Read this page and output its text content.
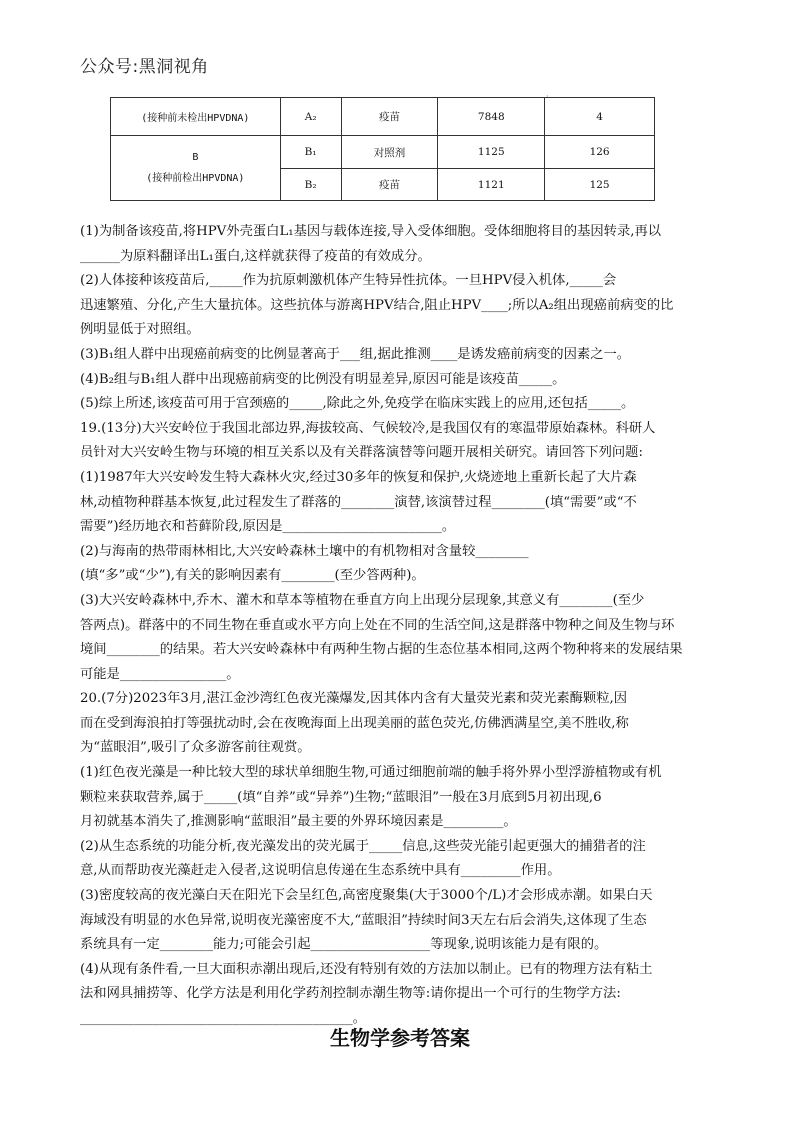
公众号:黑洞视角
·
(接种前未检出HPVDNA)	A₂	疫苗	7848	4

B
(接种前检出HPVDNA)	B₁	对照剂	1125	126
	B₂	疫苗	1121	125

(1)为制备该疫苗,将HPV外壳蛋白L₁基因与载体连接,导入受体细胞。受体细胞将目的基因转录,再以

______为原料翻译出L₁蛋白,这样就获得了疫苗的有效成分。

(2)人体接种该疫苗后,_____作为抗原刺激机体产生特异性抗体。一旦HPV侵入机体,_____会

迅速繁殖、分化,产生大量抗体。这些抗体与游离HPV结合,阻止HPV____;所以A₂组出现癌前病变的比

例明显低于对照组。

(3)B₁组人群中出现癌前病变的比例显著高于___组,据此推测____是诱发癌前病变的因素之一。

(4)B₂组与B₁组人群中出现癌前病变的比例没有明显差异,原因可能是该疫苗_____。

(5)综上所述,该疫苗可用于宫颈癌的_____,除此之外,免疫学在临床实践上的应用,还包括_____。

19.(13分)大兴安岭位于我国北部边界,海拔较高、气候较冷,是我国仅有的寒温带原始森林。科研人

员针对大兴安岭生物与环境的相互关系以及有关群落演替等问题开展相关研究。请回答下列问题:

(1)1987年大兴安岭发生特大森林火灾,经过30多年的恢复和保护,火烧迹地上重新长起了大片森

林,动植物种群基本恢复,此过程发生了群落的________演替,该演替过程________(填“需要”或“不

需要”)经历地衣和苔藓阶段,原因是________________________。

(2)与海南的热带雨林相比,大兴安岭森林土壤中的有机物相对含量较________

(填“多”或“少”),有关的影响因素有________(至少答两种)。

(3)大兴安岭森林中,乔木、灌木和草本等植物在垂直方向上出现分层现象,其意义有________(至少

答两点)。群落中的不同生物在垂直或水平方向上处在不同的生活空间,这是群落中物种之间及生物与环

境间________的结果。若大兴安岭森林中有两种生物占据的生态位基本相同,这两个物种将来的发展结果

可能是________________。

20.(7分)2023年3月,湛江金沙湾红色夜光藻爆发,因其体内含有大量荧光素和荧光素酶颗粒,因

而在受到海浪拍打等强扰动时,会在夜晚海面上出现美丽的蓝色荧光,仿佛洒满星空,美不胜收,称

为“蓝眼泪”,吸引了众多游客前往观赏。

(1)红色夜光藻是一种比较大型的球状单细胞生物,可通过细胞前端的触手将外界小型浮游植物或有机

颗粒来获取营养,属于_____(填“自养”或“异养”)生物;“蓝眼泪”一般在3月底到5月初出现,6

月初就基本消失了,推测影响“蓝眼泪”最主要的外界环境因素是_________。

(2)从生态系统的功能分析,夜光藻发出的荧光属于_____信息,这些荧光能引起更强大的捕猎者的注

意,从而帮助夜光藻赶走入侵者,这说明信息传递在生态系统中具有_________作用。

(3)密度较高的夜光藻白天在阳光下会呈红色,高密度聚集(大于3000个/L)才会形成赤潮。如果白天

海域没有明显的水色异常,说明夜光藻密度不大,“蓝眼泪”持续时间3天左右后会消失,这体现了生态

系统具有一定________能力;可能会引起__________________等现象,说明该能力是有限的。

(4)从现有条件看,一旦大面积赤潮出现后,还没有特别有效的方法加以制止。已有的物理方法有粘土

法和网具捕捞等、化学方法是利用化学药剂控制赤潮生物等:请你提出一个可行的生物学方法:

_________________________________________。

生物学参考答案
